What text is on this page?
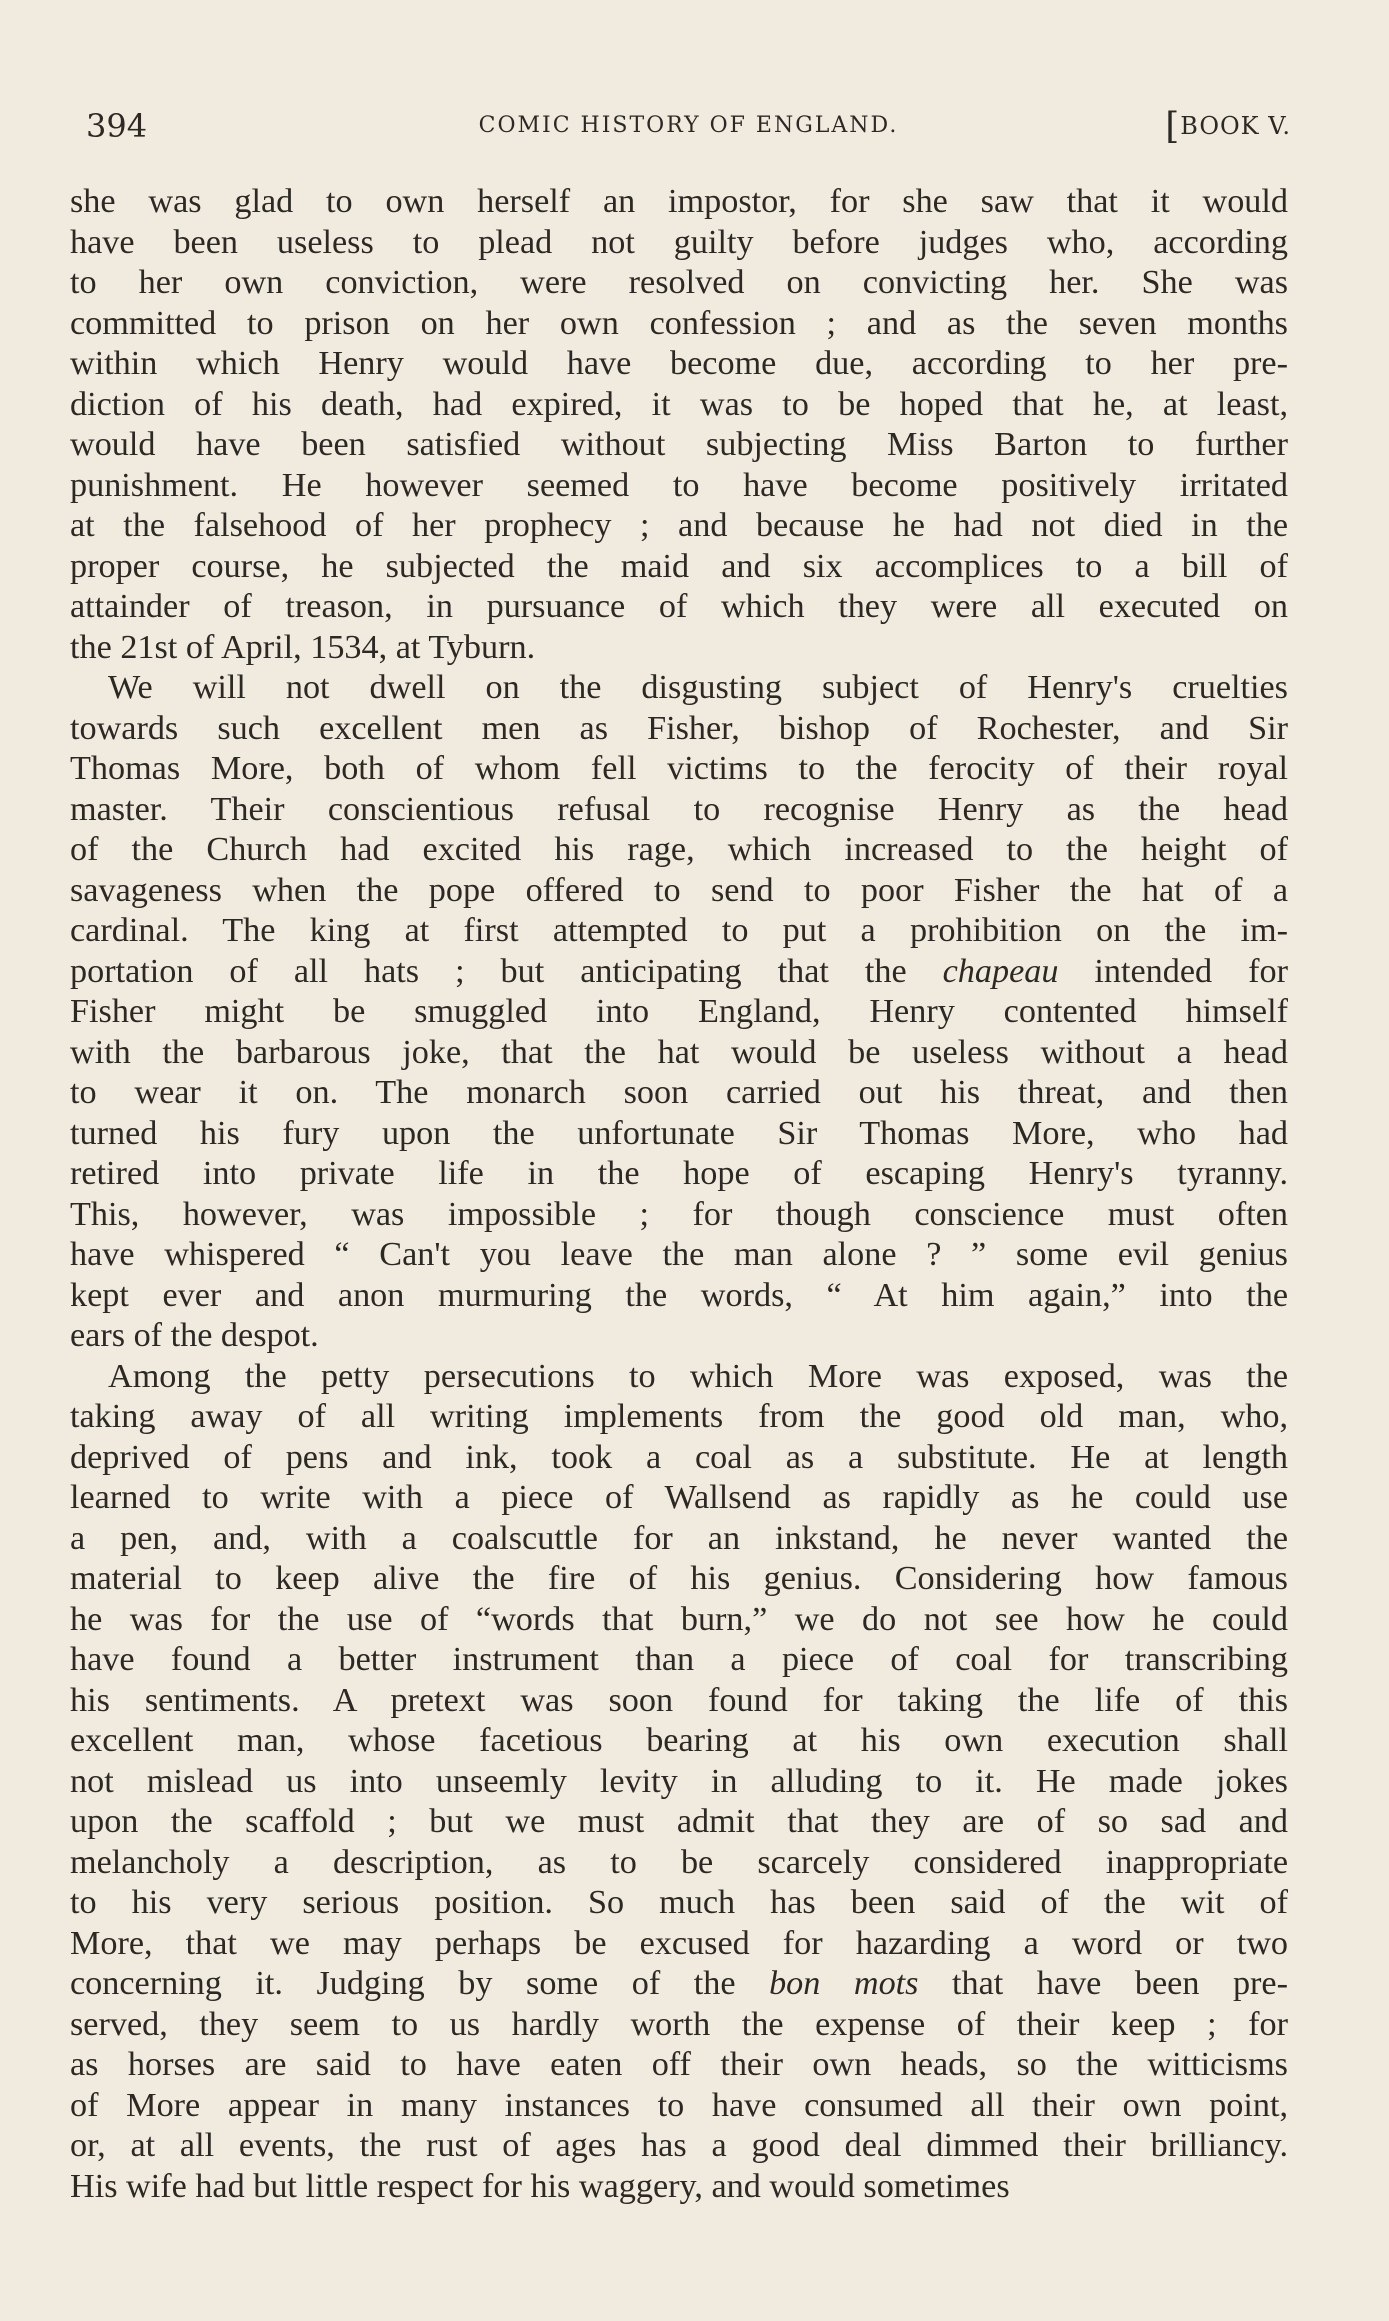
394	COMIC HISTORY OF ENGLAND.	[BOOK V.
she was glad to own herself an impostor, for she saw that it would
have been useless to plead not guilty before judges who, according
to her own conviction, were resolved on convicting her. She was
committed to prison on her own confession ; and as the seven months
within which Henry would have become due, according to her pre-
diction of his death, had expired, it was to be hoped that he, at least,
would have been satisfied without subjecting Miss Barton to further
punishment. He however seemed to have become positively irritated
at the falsehood of her prophecy ; and because he had not died in the
proper course, he subjected the maid and six accomplices to a bill of
attainder of treason, in pursuance of which they were all executed on
the 21st of April, 1534, at Tyburn.
We will not dwell on the disgusting subject of Henry's cruelties
towards such excellent men as Fisher, bishop of Rochester, and Sir
Thomas More, both of whom fell victims to the ferocity of their royal
master. Their conscientious refusal to recognise Henry as the head
of the Church had excited his rage, which increased to the height of
savageness when the pope offered to send to poor Fisher the hat of a
cardinal. The king at first attempted to put a prohibition on the im-
portation of all hats ; but anticipating that the chapeau intended for
Fisher might be smuggled into England, Henry contented himself
with the barbarous joke, that the hat would be useless without a head
to wear it on. The monarch soon carried out his threat, and then
turned his fury upon the unfortunate Sir Thomas More, who had
retired into private life in the hope of escaping Henry's tyranny.
This, however, was impossible ; for though conscience must often
have whispered “ Can't you leave the man alone ? ” some evil genius
kept ever and anon murmuring the words, “ At him again,” into the
ears of the despot.
Among the petty persecutions to which More was exposed, was the
taking away of all writing implements from the good old man, who,
deprived of pens and ink, took a coal as a substitute. He at length
learned to write with a piece of Wallsend as rapidly as he could use
a pen, and, with a coalscuttle for an inkstand, he never wanted the
material to keep alive the fire of his genius. Considering how famous
he was for the use of “words that burn,” we do not see how he could
have found a better instrument than a piece of coal for transcribing
his sentiments. A pretext was soon found for taking the life of this
excellent man, whose facetious bearing at his own execution shall
not mislead us into unseemly levity in alluding to it. He made jokes
upon the scaffold ; but we must admit that they are of so sad and
melancholy a description, as to be scarcely considered inappropriate
to his very serious position. So much has been said of the wit of
More, that we may perhaps be excused for hazarding a word or two
concerning it. Judging by some of the bon mots that have been pre-
served, they seem to us hardly worth the expense of their keep ; for
as horses are said to have eaten off their own heads, so the witticisms
of More appear in many instances to have consumed all their own point,
or, at all events, the rust of ages has a good deal dimmed their brilliancy.
His wife had but little respect for his waggery, and would sometimes
